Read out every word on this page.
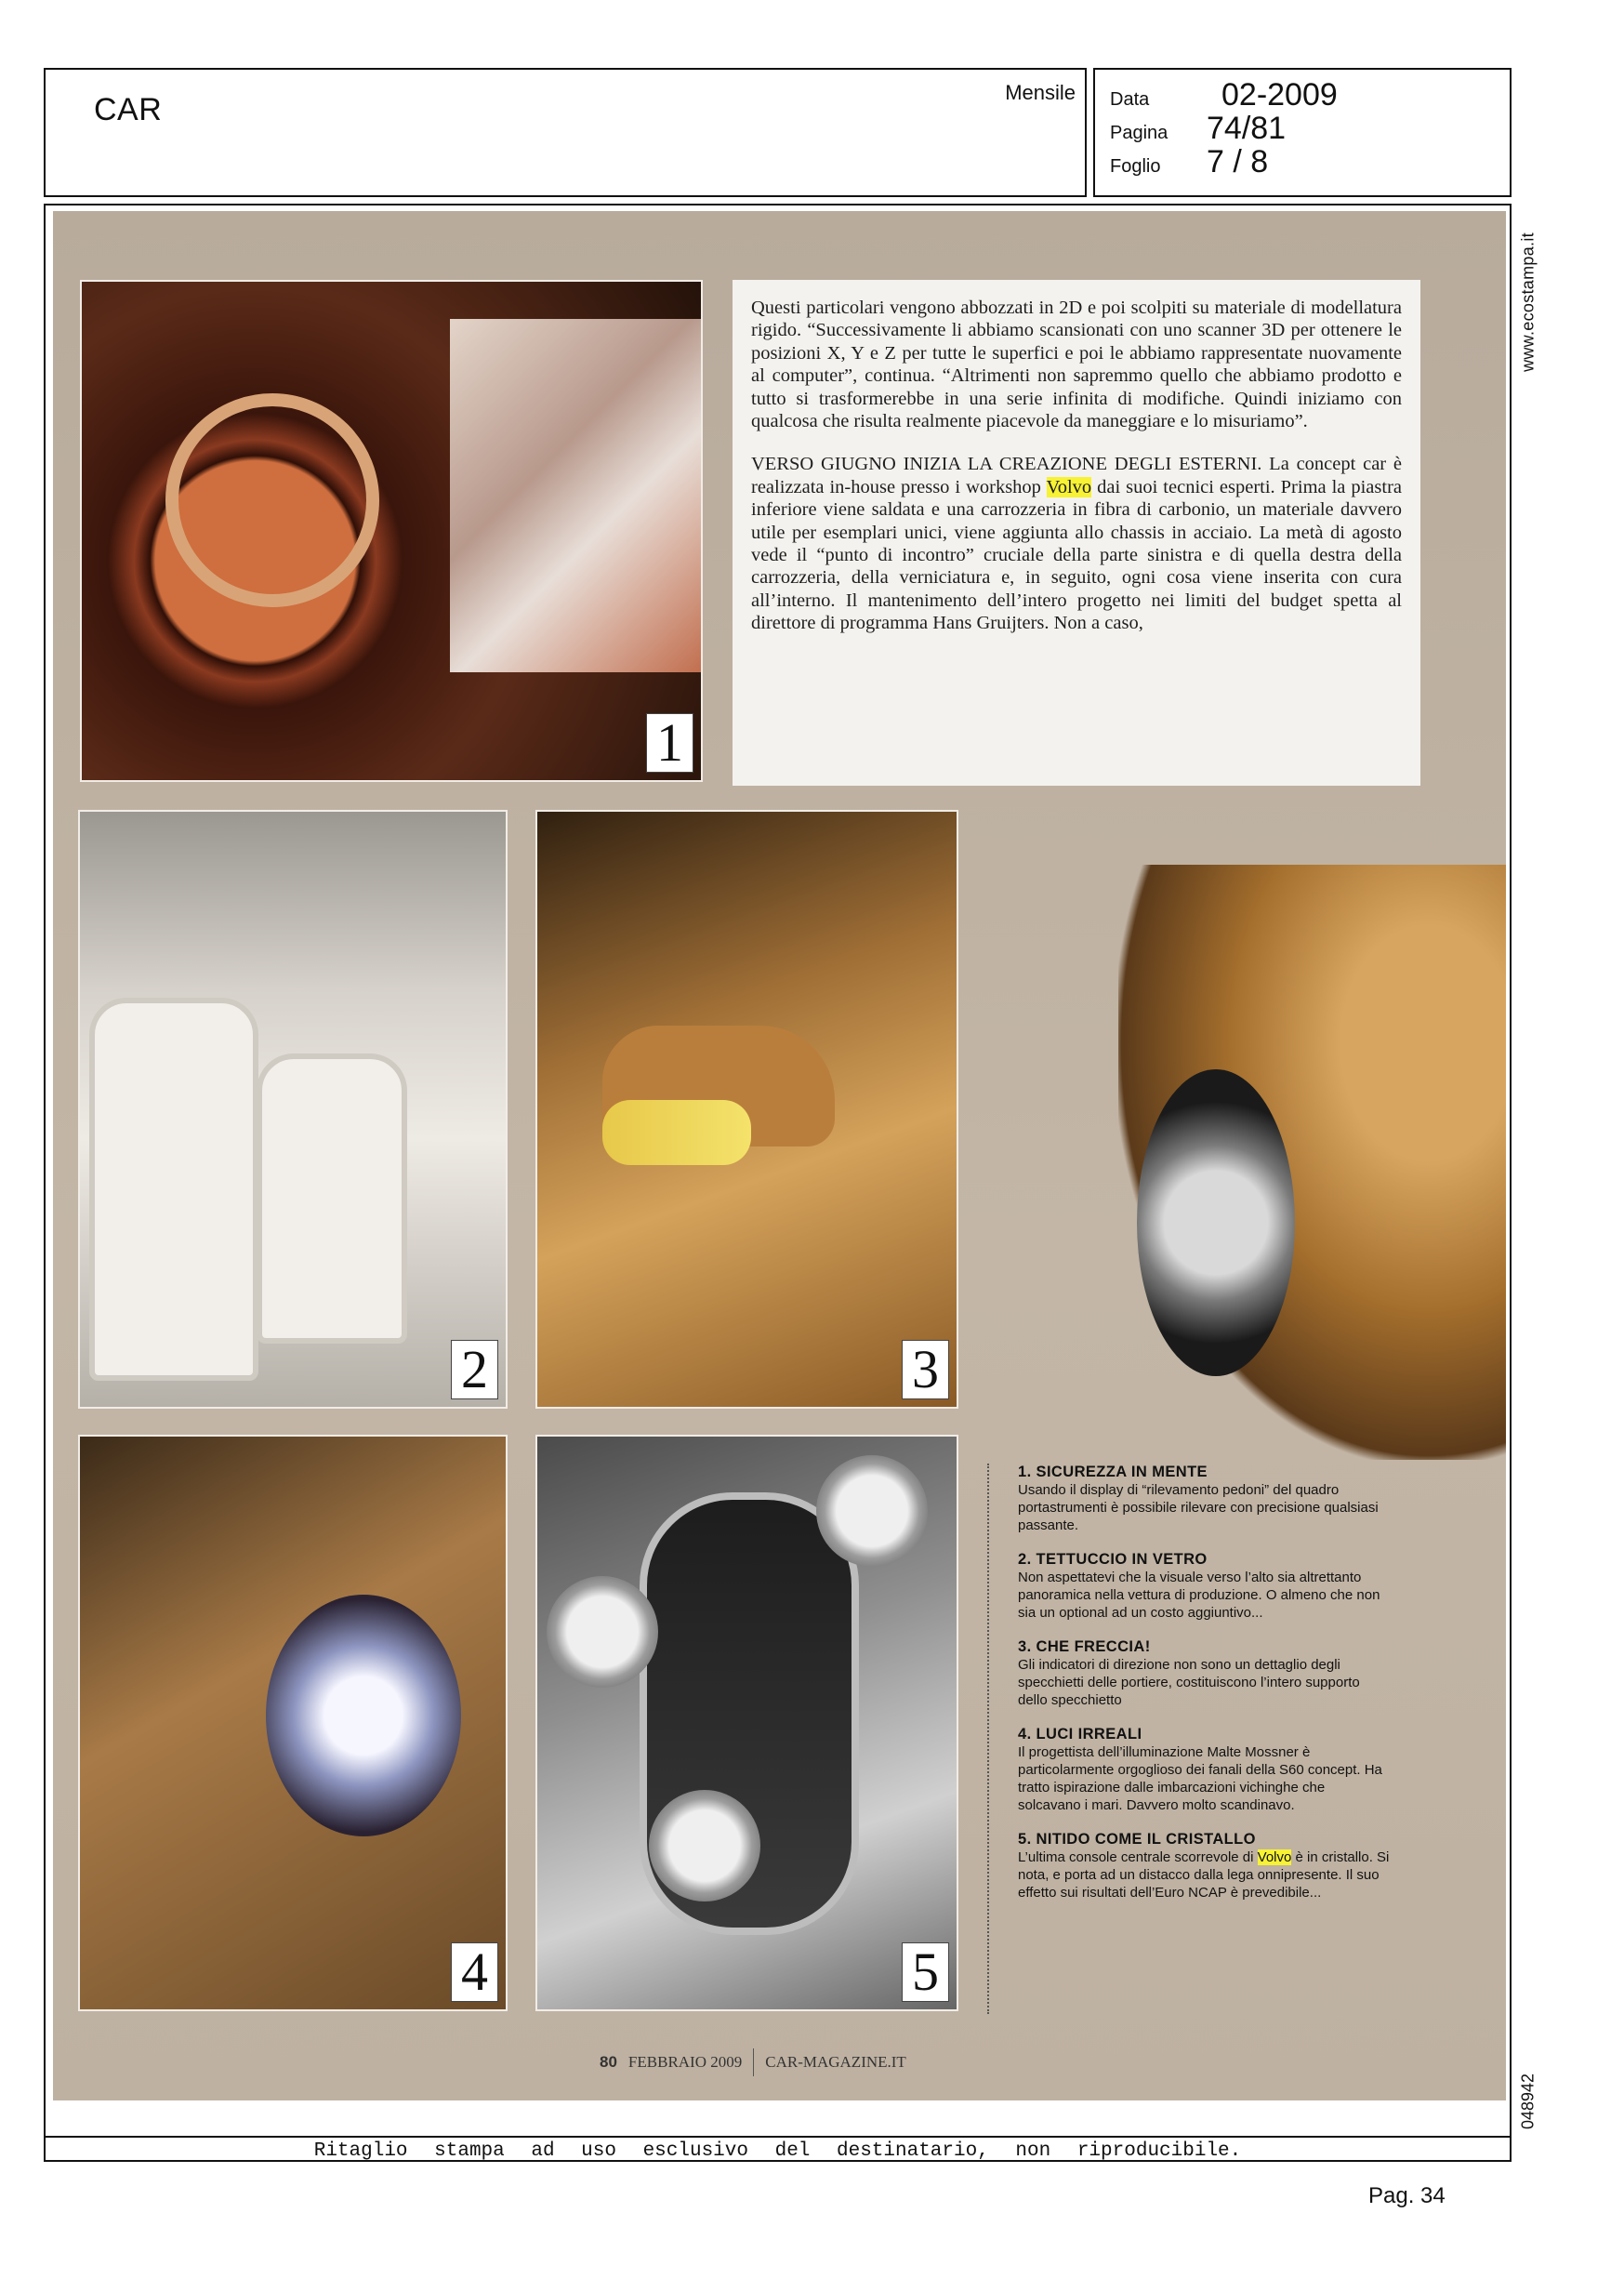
CAR	Mensile Data	02-2009
Pagina	74/81
Foglio	7 / 8
www.ecostampa.it
048942
1

Questi particolari vengono abbozzati in 2D e poi scolpiti su materiale di modellatura rigido. “Successivamente li abbiamo scansionati con uno scanner 3D per ottenere le posizioni X, Y e Z per tutte le superfici e poi le abbiamo rappresentate nuovamente al computer”, continua. “Altrimenti non sapremmo quello che abbiamo prodotto e tutto si trasformerebbe in una serie infinita di modifiche. Quindi iniziamo con qualcosa che risulta realmente piacevole da maneggiare e lo misuriamo”.

VERSO GIUGNO INIZIA LA CREAZIONE DEGLI ESTERNI. La concept car è realizzata in-house presso i workshop Volvo dai suoi tecnici esperti. Prima la piastra inferiore viene saldata e una carrozzeria in fibra di carbonio, un materiale davvero utile per esemplari unici, viene aggiunta allo chassis in acciaio. La metà di agosto vede il “punto di incontro” cruciale della parte sinistra e di quella destra della carrozzeria, della verniciatura e, in seguito, ogni cosa viene inserita con cura all’interno. Il mantenimento dell’intero progetto nei limiti del budget spetta al direttore di programma Hans Gruijters. Non a caso,

2	3
4	5
1. SICUREZZA IN MENTE
Usando il display di “rilevamento pedoni” del quadro portastrumenti è possibile rilevare con precisione qualsiasi passante.
2. TETTUCCIO IN VETRO
Non aspettatevi che la visuale verso l’alto sia altrettanto panoramica nella vettura di produzione. O almeno che non sia un optional ad un costo aggiuntivo...
3. CHE FRECCIA!
Gli indicatori di direzione non sono un dettaglio degli specchietti delle portiere, costituiscono l’intero supporto dello specchietto
4. LUCI IRREALI
Il progettista dell’illuminazione Malte Mossner è particolarmente orgoglioso dei fanali della S60 concept. Ha tratto ispirazione dalle imbarcazioni vichinghe che solcavano i mari. Davvero molto scandinavo.
5. NITIDO COME IL CRISTALLO
L’ultima console centrale scorrevole di Volvo è in cristallo. Si nota, e porta ad un distacco dalla lega onnipresente. Il suo effetto sui risultati dell’Euro NCAP è prevedibile...
80 FEBBRAIO 2009 CAR-MAGAZINE.IT
Ritaglio stampa ad uso esclusivo del destinatario, non riproducibile.
Pag. 34
